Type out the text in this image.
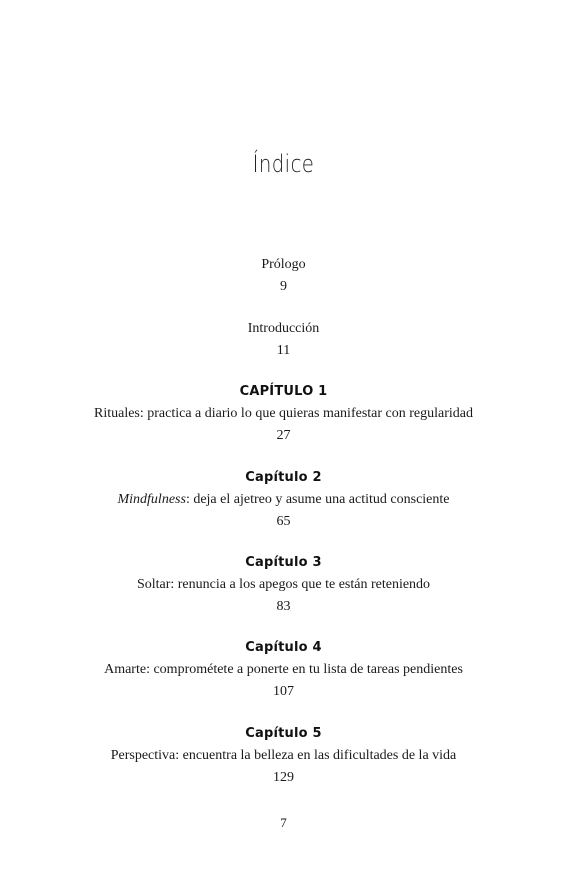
Índice
Prólogo
9
Introducción
11
CAPÍTULO 1
Rituales: practica a diario lo que quieras manifestar con regularidad
27
Capítulo 2
Mindfulness: deja el ajetreo y asume una actitud consciente
65
Capítulo 3
Soltar: renuncia a los apegos que te están reteniendo
83
Capítulo 4
Amarte: comprométete a ponerte en tu lista de tareas pendientes
107
Capítulo 5
Perspectiva: encuentra la belleza en las dificultades de la vida
129
7
